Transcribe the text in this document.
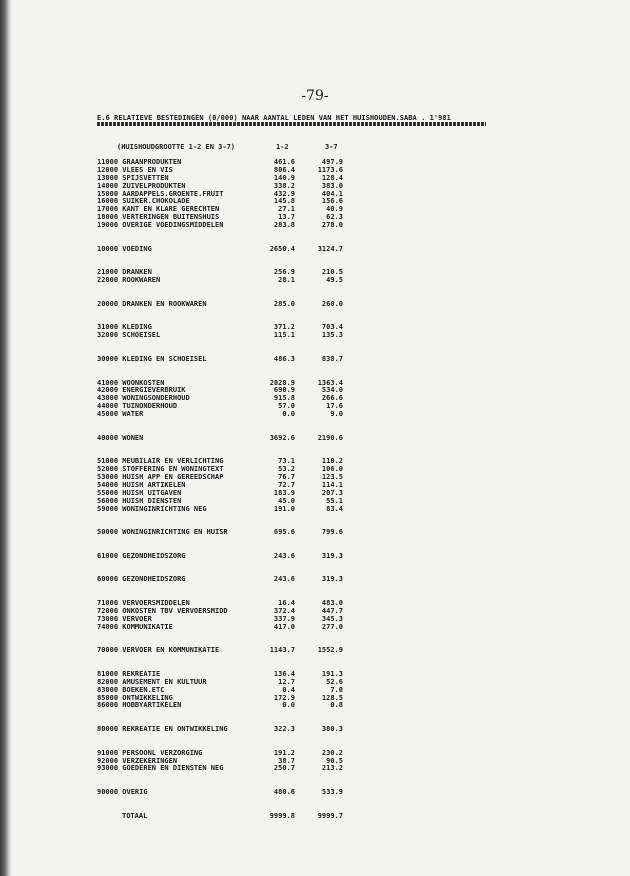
-79-
E.6 RELATIEVE BESTEDINGEN (0/000) NAAR AANTAL LEDEN VAN HET HUISHOUDEN.SABA . 1'981
(HUISHOUDGROOTTE 1-2 EN 3-7)	1-2	3-7
11000 GRAANPRODUKTEN	461.6	497.9
12000 VLEES EN VIS	806.4	1173.6
13000 SPIJSVETTEN	140.9	128.4
14000 ZUIVELPRODUKTEN	338.2	383.0
15000 AARDAPPELS.GROENTE.FRUIT	432.9	404.1
16000 SUIKER.CHOKOLADE	145.8	156.6
17000 KANT EN KLARE GERECHTEN	27.1	40.9
18000 VERTERINGEN BUITENSHUIS	13.7	62.3
19000 OVERIGE VOEDINGSMIDDELEN	283.8	278.0
10000 VOEDING	2650.4	3124.7
21000 DRANKEN	256.9	210.5
22000 ROOKWAREN	28.1	49.5
20000 DRANKEN EN ROOKWAREN	285.0	260.0
31000 KLEDING	371.2	703.4
32000 SCHOEISEL	115.1	135.3
30000 KLEDING EN SCHOEISEL	486.3	838.7
41000 WOONKOSTEN	2028.9	1363.4
42000 ENERGIEVERBRUIK	690.9	534.0
43000 WONINGSONDERHOUD	915.8	266.6
44000 TUINONDERHOUD	57.0	17.6
45000 WATER	0.0	9.0
40000 WONEN	3692.6	2190.6
51000 MEUBILAIR EN VERLICHTING	73.1	110.2
52000 STOFFERING EN WONINGTEXT	53.2	106.0
53000 HUISH APP EN GEREEDSCHAP	76.7	123.5
54000 HUISH ARTIKELEN	72.7	114.1
55000 HUISH UITGAVEN	183.9	207.3
56000 HUISH DIENSTEN	45.0	55.1
59000 WONINGINRICHTING NEG	191.0	83.4
50000 WONINGINRICHTING EN HUISR	695.6	799.6
61000 GEZONDHEIDSZORG	243.6	319.3
60000 GEZONDHEIDSZORG	243.6	319.3
71000 VERVOERSMIDDELEN	16.4	483.0
72000 ONKOSTEN TBV VERVOERSMIDD	372.4	447.7
73000 VERVOER	337.9	345.3
74000 KOMMUNIKATIE	417.0	277.0
70000 VERVOER EN KOMMUNIKATIE	1143.7	1552.9
81000 REKREATIE	136.4	191.3
82000 AMUSEMENT EN KULTUUR	12.7	52.6
83000 BOEKEN.ETC	0.4	7.0
85000 ONTWIKKELING	172.9	128.5
86000 HOBBYARTIKELEN	0.0	0.8
80000 REKREATIE EN ONTWIKKELING	322.3	380.3
91000 PERSOONL VERZORGING	191.2	230.2
92000 VERZEKERINGEN	38.7	90.5
93000 GOEDEREN EN DIENSTEN NEG	250.7	213.2
90000 OVERIG	480.6	533.9
TOTAAL	9999.8	9999.7
